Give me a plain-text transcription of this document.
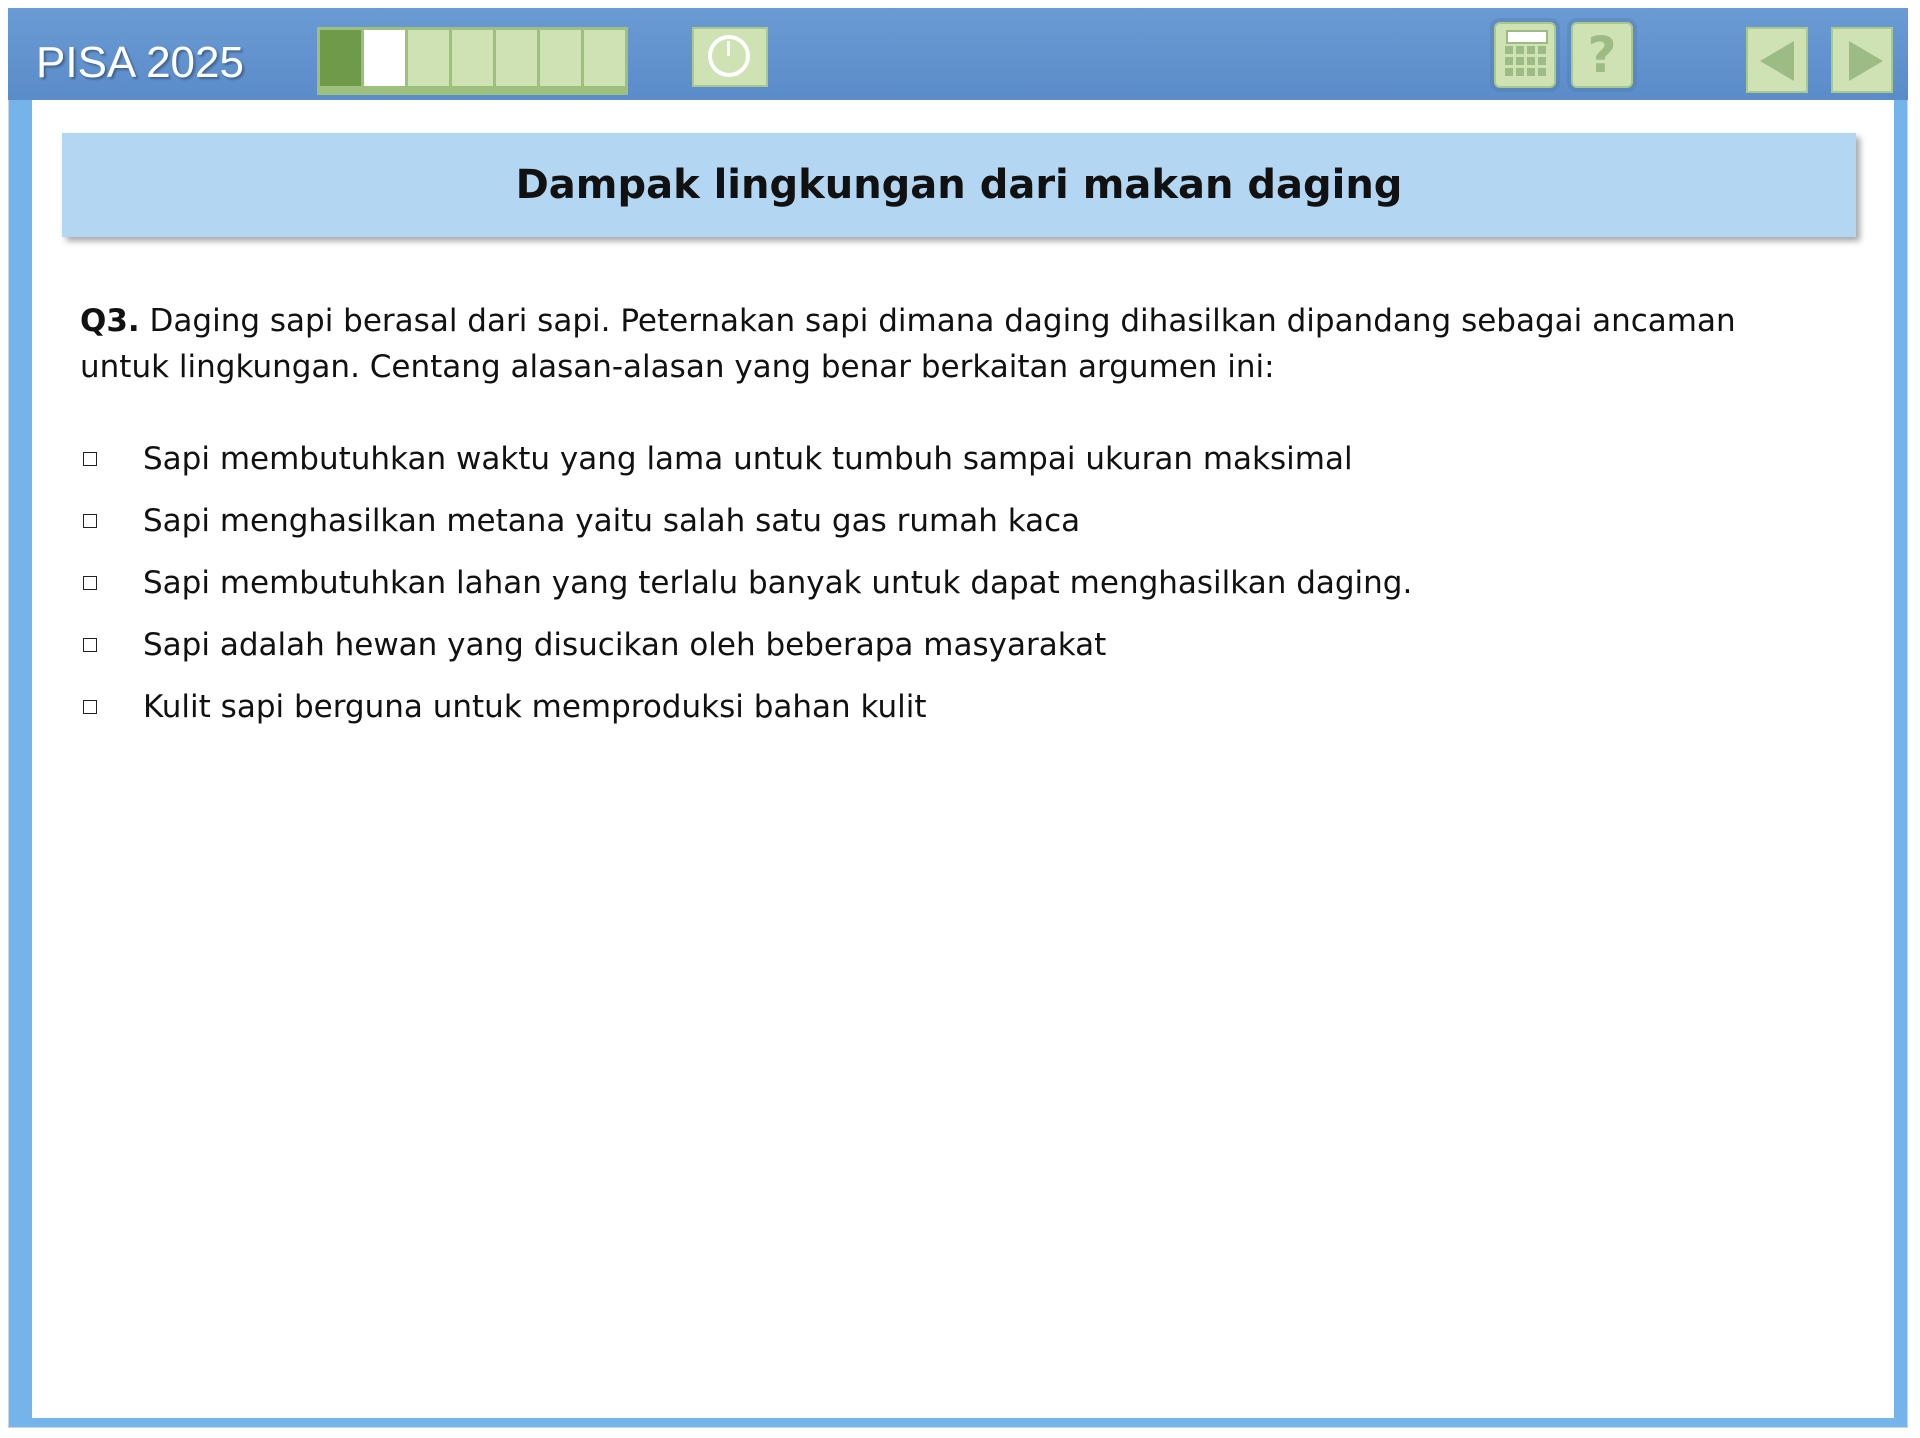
PISA 2025	?
Dampak lingkungan dari makan daging
Q3. Daging sapi berasal dari sapi. Peternakan sapi dimana daging dihasilkan dipandang sebagai ancaman untuk lingkungan. Centang alasan-alasan yang benar berkaitan argumen ini:
Sapi membutuhkan waktu yang lama untuk tumbuh sampai ukuran maksimal
Sapi menghasilkan metana yaitu salah satu gas rumah kaca
Sapi membutuhkan lahan yang terlalu banyak untuk dapat menghasilkan daging.
Sapi adalah hewan yang disucikan oleh beberapa masyarakat
Kulit sapi berguna untuk memproduksi bahan kulit
